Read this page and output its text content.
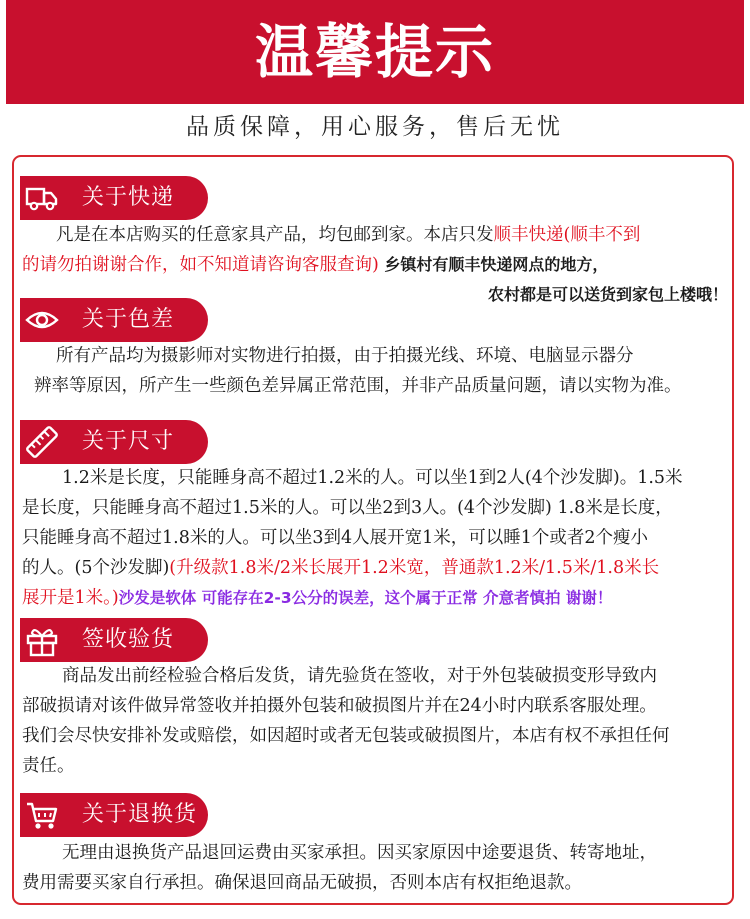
温馨提示
品质保障，用心服务，售后无忧
关于快递
凡是在本店购买的任意家具产品，均包邮到家。本店只发顺丰快递(顺丰不到
的请勿拍谢谢合作，如不知道请咨询客服查询) 乡镇村有顺丰快递网点的地方，
农村都是可以送货到家包上楼哦！
关于色差
所有产品均为摄影师对实物进行拍摄，由于拍摄光线、环境、电脑显示器分
辨率等原因，所产生一些颜色差异属正常范围，并非产品质量问题，请以实物为准。
关于尺寸
1.2米是长度，只能睡身高不超过1.2米的人。可以坐1到2人(4个沙发脚)。1.5米
是长度，只能睡身高不超过1.5米的人。可以坐2到3人。(4个沙发脚) 1.8米是长度，
只能睡身高不超过1.8米的人。可以坐3到4人展开宽1米，可以睡1个或者2个瘦小
的人。(5个沙发脚)(升级款1.8米/2米长展开1.2米宽，普通款1.2米/1.5米/1.8米长
展开是1米。)沙发是软体 可能存在2-3公分的误差，这个属于正常 介意者慎拍 谢谢！
签收验货
商品发出前经检验合格后发货，请先验货在签收，对于外包装破损变形导致内
部破损请对该件做异常签收并拍摄外包装和破损图片并在24小时内联系客服处理。
我们会尽快安排补发或赔偿，如因超时或者无包装或破损图片，本店有权不承担任何
责任。
关于退换货
无理由退换货产品退回运费由买家承担。因买家原因中途要退货、转寄地址，
费用需要买家自行承担。确保退回商品无破损，否则本店有权拒绝退款。
